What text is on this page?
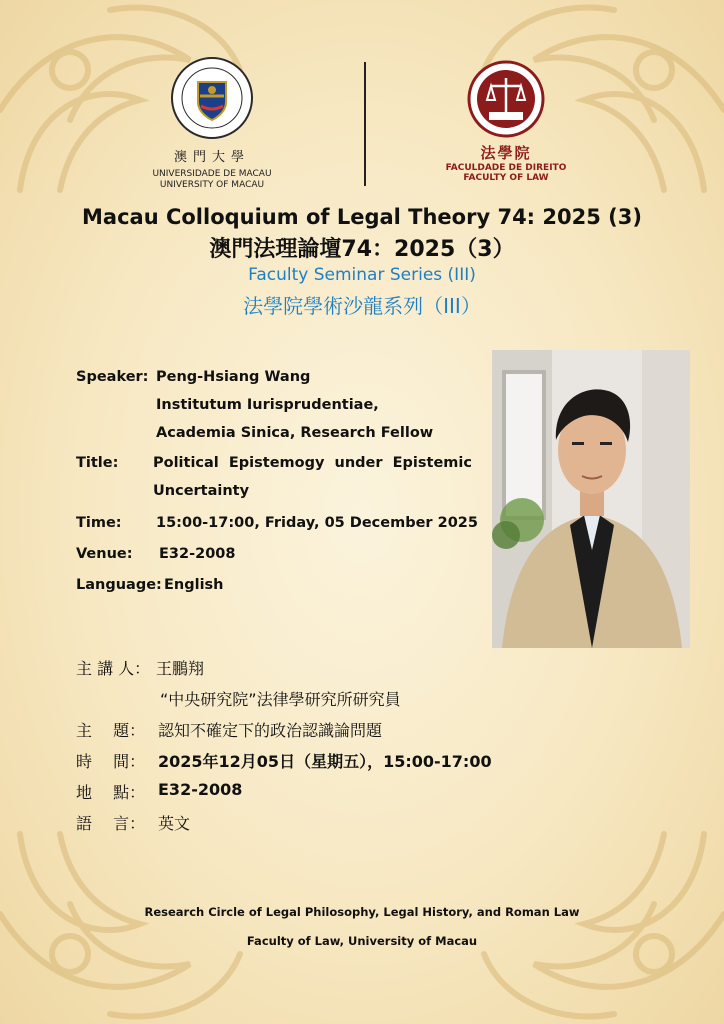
澳門大學
UNIVERSIDADE DE MACAU
UNIVERSITY OF MACAU
法學院
FACULDADE DE DIREITO
FACULTY OF LAW
Macau Colloquium of Legal Theory 74: 2025 (3)
澳門法理論壇74：2025（3）
Faculty Seminar Series (III)
法學院學術沙龍系列（III）
Speaker: Peng-Hsiang Wang
Institutum Iurisprudentiae,
Academia Sinica, Research Fellow
Title: Political  Epistemogy  under  Epistemic
Uncertainty
Time: 15:00-17:00, Friday, 05 December 2025
Venue: E32-2008
Language: English
主 講 人： 王鵬翔
“中央研究院”法律學研究所研究員
主　 題： 認知不確定下的政治認識論問題
時　 間： 2025年12月05日（星期五），15:00-17:00
地　 點： E32-2008
語　 言： 英文
Research Circle of Legal Philosophy, Legal History, and Roman Law
Faculty of Law, University of Macau
